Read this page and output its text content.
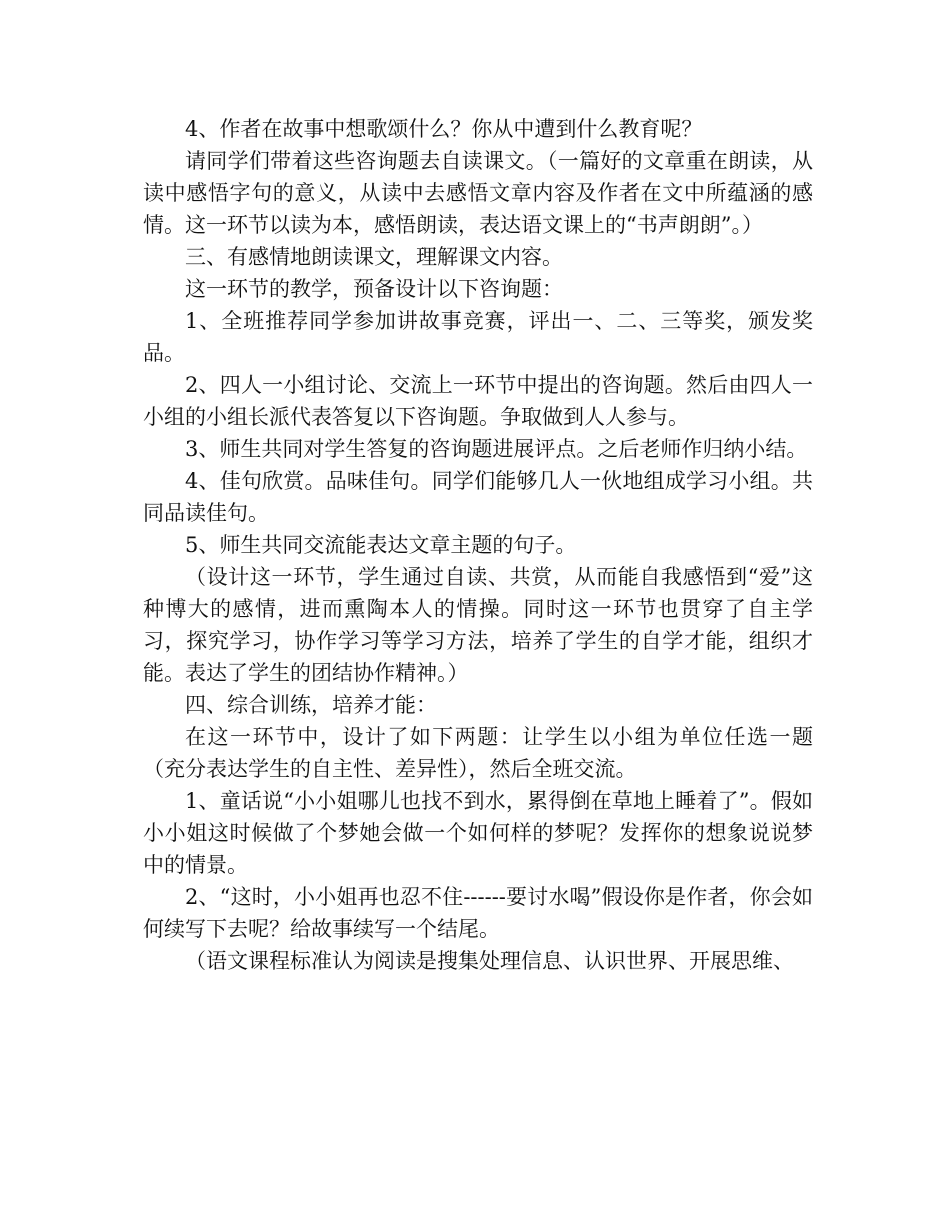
4、作者在故事中想歌颂什么？你从中遭到什么教育呢？

请同学们带着这些咨询题去自读课文。（一篇好的文章重在朗读，从读中感悟字句的意义，从读中去感悟文章内容及作者在文中所蕴涵的感情。这一环节以读为本，感悟朗读，表达语文课上的“书声朗朗”。）

三、有感情地朗读课文，理解课文内容。

这一环节的教学，预备设计以下咨询题：

1、全班推荐同学参加讲故事竞赛，评出一、二、三等奖，颁发奖品。

2、四人一小组讨论、交流上一环节中提出的咨询题。然后由四人一小组的小组长派代表答复以下咨询题。争取做到人人参与。

3、师生共同对学生答复的咨询题进展评点。之后老师作归纳小结。

4、佳句欣赏。品味佳句。同学们能够几人一伙地组成学习小组。共同品读佳句。

5、师生共同交流能表达文章主题的句子。

（设计这一环节，学生通过自读、共赏，从而能自我感悟到“爱”这种博大的感情，进而熏陶本人的情操。同时这一环节也贯穿了自主学习，探究学习，协作学习等学习方法，培养了学生的自学才能，组织才能。表达了学生的团结协作精神。）

四、综合训练，培养才能：

在这一环节中，设计了如下两题：让学生以小组为单位任选一题（充分表达学生的自主性、差异性），然后全班交流。

1、童话说“小小姐哪儿也找不到水，累得倒在草地上睡着了”。假如小小姐这时候做了个梦她会做一个如何样的梦呢？发挥你的想象说说梦中的情景。

2、“这时，小小姐再也忍不住------要讨水喝”假设你是作者，你会如何续写下去呢？给故事续写一个结尾。

（语文课程标准认为阅读是搜集处理信息、认识世界、开展思维、
